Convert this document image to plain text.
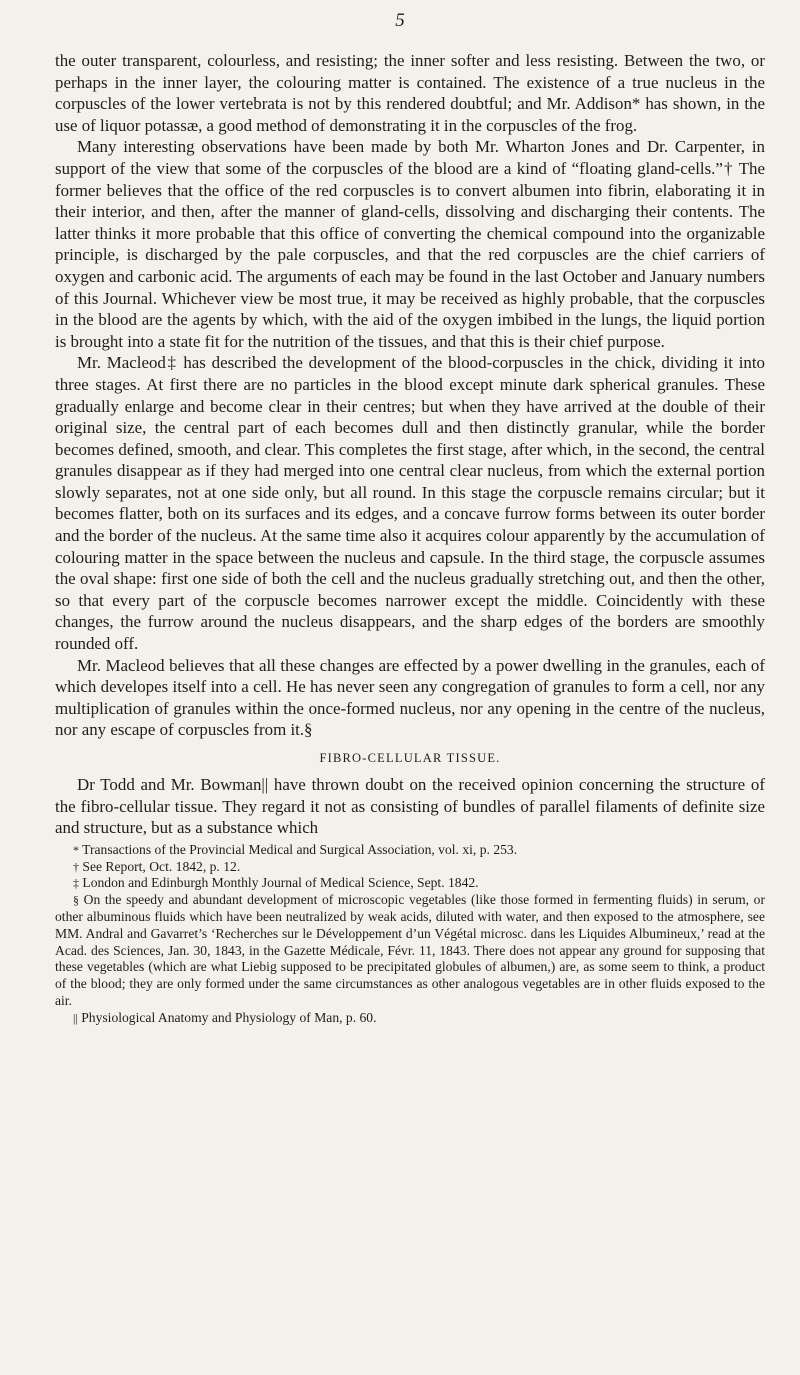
5

the outer transparent, colourless, and resisting; the inner softer and less resisting. Between the two, or perhaps in the inner layer, the colouring matter is contained. The existence of a true nucleus in the corpuscles of the lower vertebrata is not by this rendered doubtful; and Mr. Addison* has shown, in the use of liquor potassæ, a good method of demonstrating it in the corpuscles of the frog.

Many interesting observations have been made by both Mr. Wharton Jones and Dr. Carpenter, in support of the view that some of the corpuscles of the blood are a kind of “floating gland-cells.”† The former believes that the office of the red corpuscles is to convert albumen into fibrin, elaborating it in their interior, and then, after the manner of gland-cells, dissolving and discharging their contents. The latter thinks it more probable that this office of converting the chemical compound into the organizable principle, is discharged by the pale corpuscles, and that the red corpuscles are the chief carriers of oxygen and carbonic acid. The arguments of each may be found in the last October and January numbers of this Journal. Whichever view be most true, it may be received as highly probable, that the corpuscles in the blood are the agents by which, with the aid of the oxygen imbibed in the lungs, the liquid portion is brought into a state fit for the nutrition of the tissues, and that this is their chief purpose.

Mr. Macleod‡ has described the development of the blood-corpuscles in the chick, dividing it into three stages. At first there are no particles in the blood except minute dark spherical granules. These gradually enlarge and become clear in their centres; but when they have arrived at the double of their original size, the central part of each becomes dull and then distinctly granular, while the border becomes defined, smooth, and clear. This completes the first stage, after which, in the second, the central granules disappear as if they had merged into one central clear nucleus, from which the external portion slowly separates, not at one side only, but all round. In this stage the corpuscle remains circular; but it becomes flatter, both on its surfaces and its edges, and a concave furrow forms between its outer border and the border of the nucleus. At the same time also it acquires colour apparently by the accumulation of colouring matter in the space between the nucleus and capsule. In the third stage, the corpuscle assumes the oval shape: first one side of both the cell and the nucleus gradually stretching out, and then the other, so that every part of the corpuscle becomes narrower except the middle. Coincidently with these changes, the furrow around the nucleus disappears, and the sharp edges of the borders are smoothly rounded off.

Mr. Macleod believes that all these changes are effected by a power dwelling in the granules, each of which developes itself into a cell. He has never seen any congregation of granules to form a cell, nor any multiplication of granules within the once-formed nucleus, nor any opening in the centre of the nucleus, nor any escape of corpuscles from it.§

FIBRO-CELLULAR TISSUE.

Dr Todd and Mr. Bowman|| have thrown doubt on the received opinion concerning the structure of the fibro-cellular tissue. They regard it not as consisting of bundles of parallel filaments of definite size and structure, but as a substance which

* Transactions of the Provincial Medical and Surgical Association, vol. xi, p. 253.

† See Report, Oct. 1842, p. 12.

‡ London and Edinburgh Monthly Journal of Medical Science, Sept. 1842.

§ On the speedy and abundant development of microscopic vegetables (like those formed in fermenting fluids) in serum, or other albuminous fluids which have been neutralized by weak acids, diluted with water, and then exposed to the atmosphere, see MM. Andral and Gavarret’s ‘Recherches sur le Développement d’un Végétal microsc. dans les Liquides Albumineux,’ read at the Acad. des Sciences, Jan. 30, 1843, in the Gazette Médicale, Févr. 11, 1843. There does not appear any ground for supposing that these vegetables (which are what Liebig supposed to be precipitated globules of albumen,) are, as some seem to think, a product of the blood; they are only formed under the same circumstances as other analogous vegetables are in other fluids exposed to the air.

|| Physiological Anatomy and Physiology of Man, p. 60.
